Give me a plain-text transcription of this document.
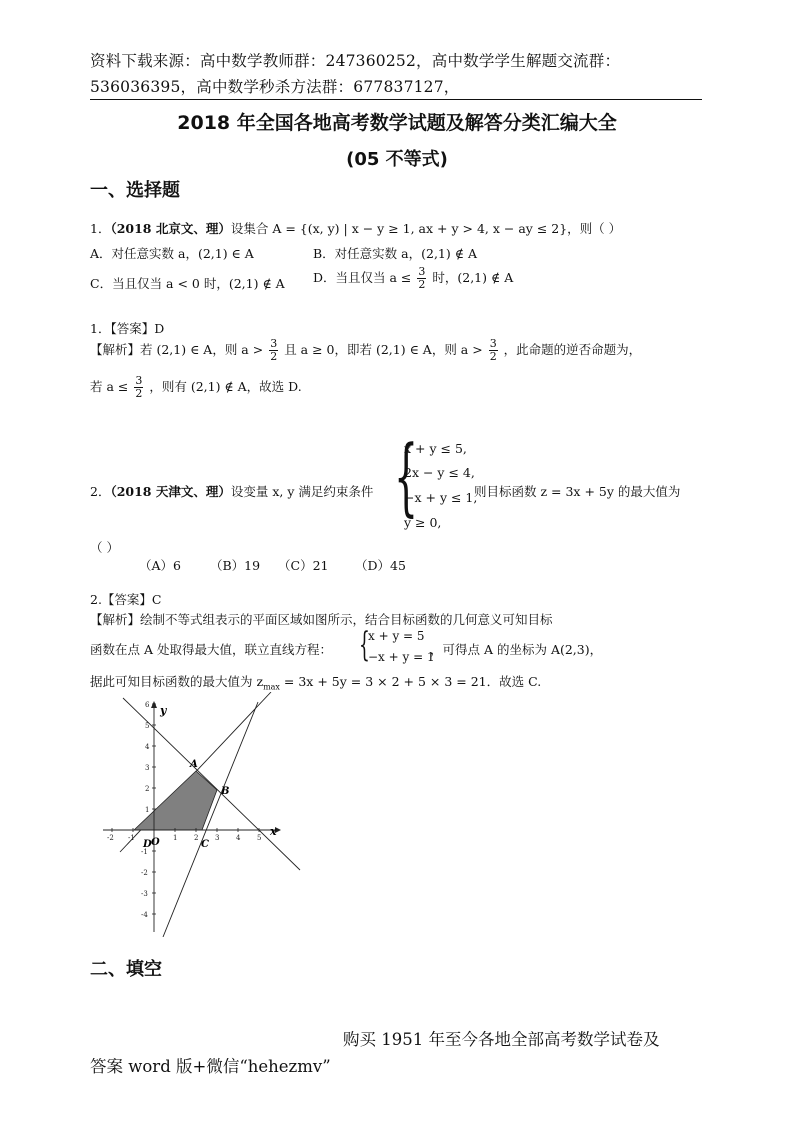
资料下载来源：高中数学教师群：247360252，高中数学学生解题交流群：
536036395，高中数学秒杀方法群：677837127，
2018 年全国各地高考数学试题及解答分类汇编大全
(05 不等式)
一、选择题
1．（2018 北京文、理）设集合 A = {(x, y) | x − y ≥ 1, ax + y > 4, x − ay ≤ 2}，则（ ）
A．对任意实数 a，(2,1) ∈ A	B．对任意实数 a，(2,1) ∉ A
C．当且仅当 a < 0 时，(2,1) ∉ A D．当且仅当 $a \le \frac{3}{2}$ 时，(2,1) ∉ A
1．【答案】D
【解析】若 (2,1) ∈ A，则 $a > \frac{3}{2}$ 且 a ≥ 0，即若 (2,1) ∈ A，则 $a > \frac{3}{2}$ ，此命题的逆否命题为，
若 $a \le \frac{3}{2}$ ，则有 (2,1) ∉ A，故选 D.
2．（2018 天津文、理）设变量 x, y 满足约束条件 {
x + y ≤ 5,
2x − y ≤ 4,
−x + y ≤ 1,
y ≥ 0,
则目标函数 z = 3x + 5y 的最大值为
（ ）
（A）6 （B）19 （C）21 （D）45
2.【答案】C
【解析】绘制不等式组表示的平面区域如图所示，结合目标函数的几何意义可知目标
函数在点 A 处取得最大值，联立直线方程： {
x + y = 5
−x + y = 1
，可得点 A 的坐标为 A(2,3)，
据此可知目标函数的最大值为 $z_{max} = 3x + 5y = 3 \times 2 + 5 \times 3 = 21$．故选 C.
-2 -1	1 2 3 4 5
6
5
4
3
2
1
-1
-2
-3
-4
x
y
A
B
C
D O
二、填空
购买 1951 年至今各地全部高考数学试卷及
答案 word 版+微信“hehezmv”
